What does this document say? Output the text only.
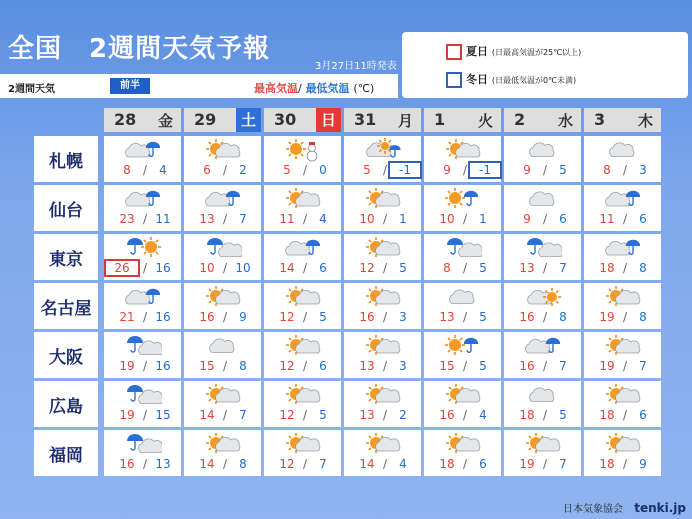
全国　2週間天気予報
3月27日11時発表
2週間天気	前半	最高気温/ 最低気温 (℃)
夏日 (日最高気温が25℃以上)
冬日 (日最低気温が0℃未満)
28 金 29	土	30	日	31 月 1 火 2 水 3 木
札幌	8	/	4	6	/	2	5	/	0	5	/	-1	9	/	-1	9	/	5	8	/	3
仙台	23 / 11	13 /	7	11 /	4	10 /	1	10 /	1	9	/	6	11 /	6
東京	26	/ 16	10 / 10	14 /	6	12 /	5	8	/	5	13 /	7	18 /	8
名古屋	21 / 16	16 /	9	12 /	5	16 /	3	13 /	5	16 /	8	19 /	8
大阪	19 / 16	15 /	8	12 /	6	13 /	3	15 /	5	16 /	7	19 /	7
広島	19 / 15	14 /	7	12 /	5	13 /	2	16 /	4	18 /	5	18 /	6
福岡	16 / 13	14 /	8	12 /	7	14 /	4	18 /	6	19 /	7	18 /	9
日本気象協会 tenki.jp
